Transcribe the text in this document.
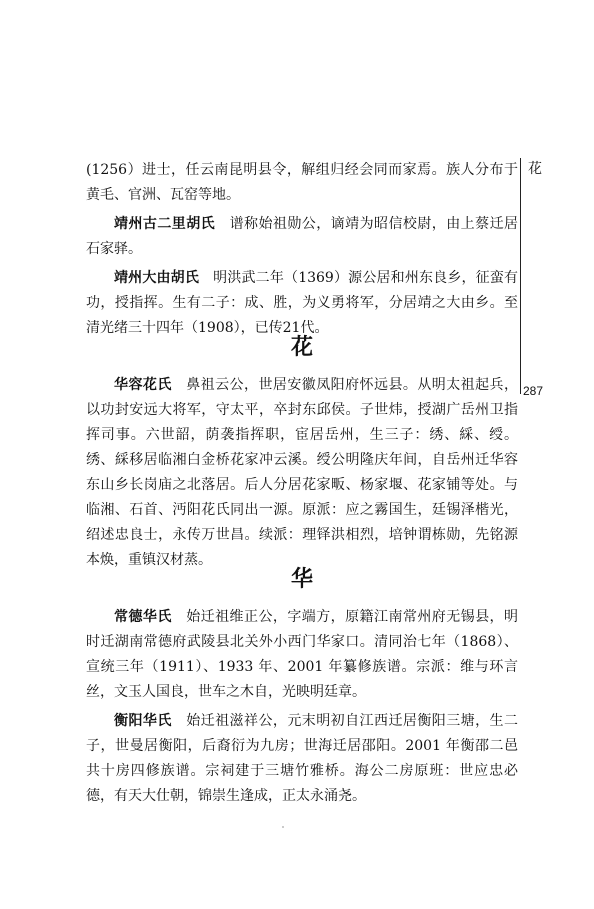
花
287

(1256）进士，任云南昆明县令，解组归经会同而家焉。族人分布于黄毛、官洲、瓦窑等地。

靖州古二里胡氏　谱称始祖勋公，谪靖为昭信校尉，由上蔡迁居石家驿。

靖州大由胡氏　明洪武二年（1369）源公居和州东良乡，征蛮有功，授指挥。生有二子：成、胜，为义勇将军，分居靖之大由乡。至清光绪三十四年（1908），已传21代。

花

华容花氏　鼻祖云公，世居安徽凤阳府怀远县。从明太祖起兵，以功封安远大将军，守太平，卒封东邱侯。子世炜，授湖广岳州卫指挥司事。六世韶，荫袭指挥职，宦居岳州，生三子：绣、綵、绶。绣、綵移居临湘白金桥花家冲云溪。绶公明隆庆年间，自岳州迁华容东山乡长岗庙之北落居。后人分居花家畈、杨家堰、花家铺等处。与临湘、石首、沔阳花氏同出一源。原派：应之霧国生，廷锡泽楷光，绍述忠良士，永传万世昌。续派：理铎洪相烈，培钟谓栋勋，先铭源本焕，重镇汉材蒸。

华

常德华氏　始迁祖维正公，字端方，原籍江南常州府无锡县，明时迁湖南常德府武陵县北关外小西门华家口。清同治七年（1868）、宣统三年（1911）、1933 年、2001 年纂修族谱。宗派：维与环言丝，文玉人国良，世车之木自，光映明廷章。

衡阳华氏　始迁祖滋祥公，元末明初自江西迁居衡阳三塘，生二子，世曼居衡阳，后裔衍为九房；世海迁居邵阳。2001 年衡邵二邑共十房四修族谱。宗祠建于三塘竹雅桥。海公二房原班：世应忠必德，有天大仕朝，锦崇生逢成，正太永涌尧。
